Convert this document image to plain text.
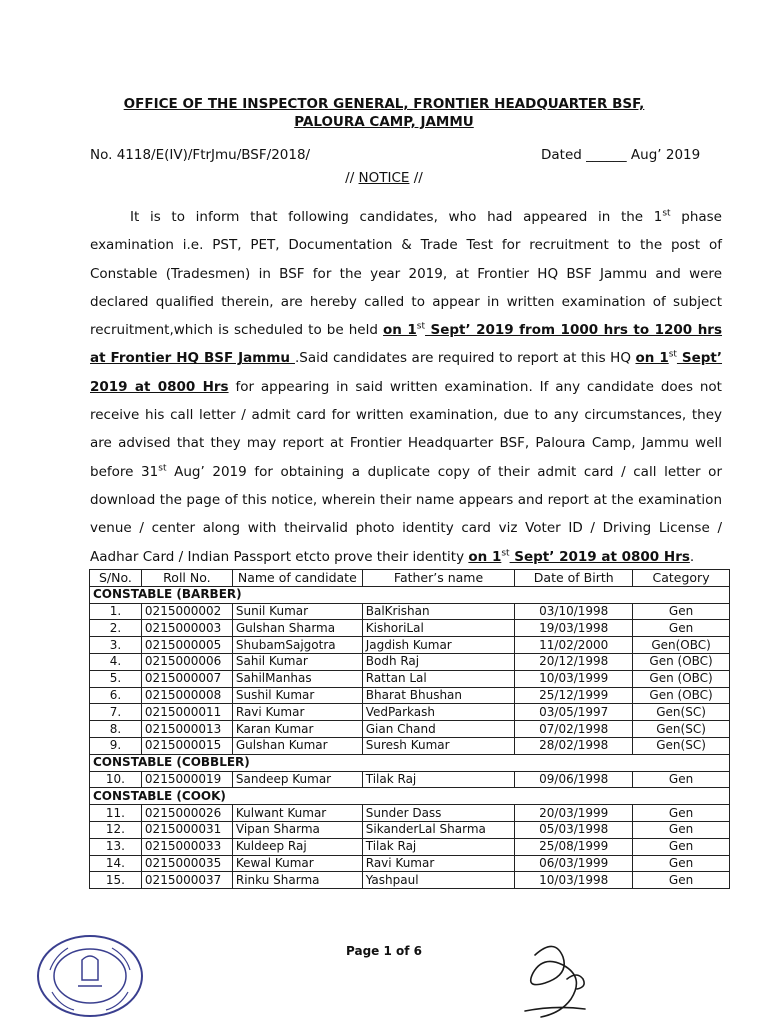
OFFICE OF THE INSPECTOR GENERAL, FRONTIER HEADQUARTER BSF,
PALOURA CAMP, JAMMU
No. 4118/E(IV)/FtrJmu/BSF/2018/	Dated ______ Aug’ 2019
// NOTICE //
It is to inform that following candidates, who had appeared in the 1st phase examination i.e. PST, PET, Documentation & Trade Test for recruitment to the post of Constable (Tradesmen) in BSF for the year 2019, at Frontier HQ BSF Jammu and were declared qualified therein, are hereby called to appear in written examination of subject recruitment,which is scheduled to be held on 1st Sept’ 2019 from 1000 hrs to 1200 hrs at Frontier HQ BSF Jammu .Said candidates are required to report at this HQ on 1st Sept’ 2019 at 0800 Hrs for appearing in said written examination. If any candidate does not receive his call letter / admit card for written examination, due to any circumstances, they are advised that they may report at Frontier Headquarter BSF, Paloura Camp, Jammu well before 31st Aug’ 2019 for obtaining a duplicate copy of their admit card / call letter or download the page of this notice, wherein their name appears and report at the examination venue / center along with theirvalid photo identity card viz Voter ID / Driving License / Aadhar Card / Indian Passport etcto prove their identity on 1st Sept’ 2019 at 0800 Hrs.
S/No.	Roll No.	Name of candidate	Father’s name	Date of Birth	Category
CONSTABLE (BARBER)					
1.	0215000002	Sunil Kumar	BalKrishan	03/10/1998	Gen
2.	0215000003	Gulshan Sharma	KishoriLal	19/03/1998	Gen
3.	0215000005	ShubamSajgotra	Jagdish Kumar	11/02/2000	Gen(OBC)
4.	0215000006	Sahil Kumar	Bodh Raj	20/12/1998	Gen (OBC)
5.	0215000007	SahilManhas	Rattan Lal	10/03/1999	Gen (OBC)
6.	0215000008	Sushil Kumar	Bharat Bhushan	25/12/1999	Gen (OBC)
7.	0215000011	Ravi Kumar	VedParkash	03/05/1997	Gen(SC)
8.	0215000013	Karan Kumar	Gian Chand	07/02/1998	Gen(SC)
9.	0215000015	Gulshan Kumar	Suresh Kumar	28/02/1998	Gen(SC)
CONSTABLE (COBBLER)					
10.	0215000019	Sandeep Kumar	Tilak Raj	09/06/1998	Gen
CONSTABLE (COOK)					
11.	0215000026	Kulwant Kumar	Sunder Dass	20/03/1999	Gen
12.	0215000031	Vipan Sharma	SikanderLal Sharma	05/03/1998	Gen
13.	0215000033	Kuldeep Raj	Tilak Raj	25/08/1999	Gen
14.	0215000035	Kewal Kumar	Ravi Kumar	06/03/1999	Gen
15.	0215000037	Rinku Sharma	Yashpaul	10/03/1998	Gen
Page 1 of 6
